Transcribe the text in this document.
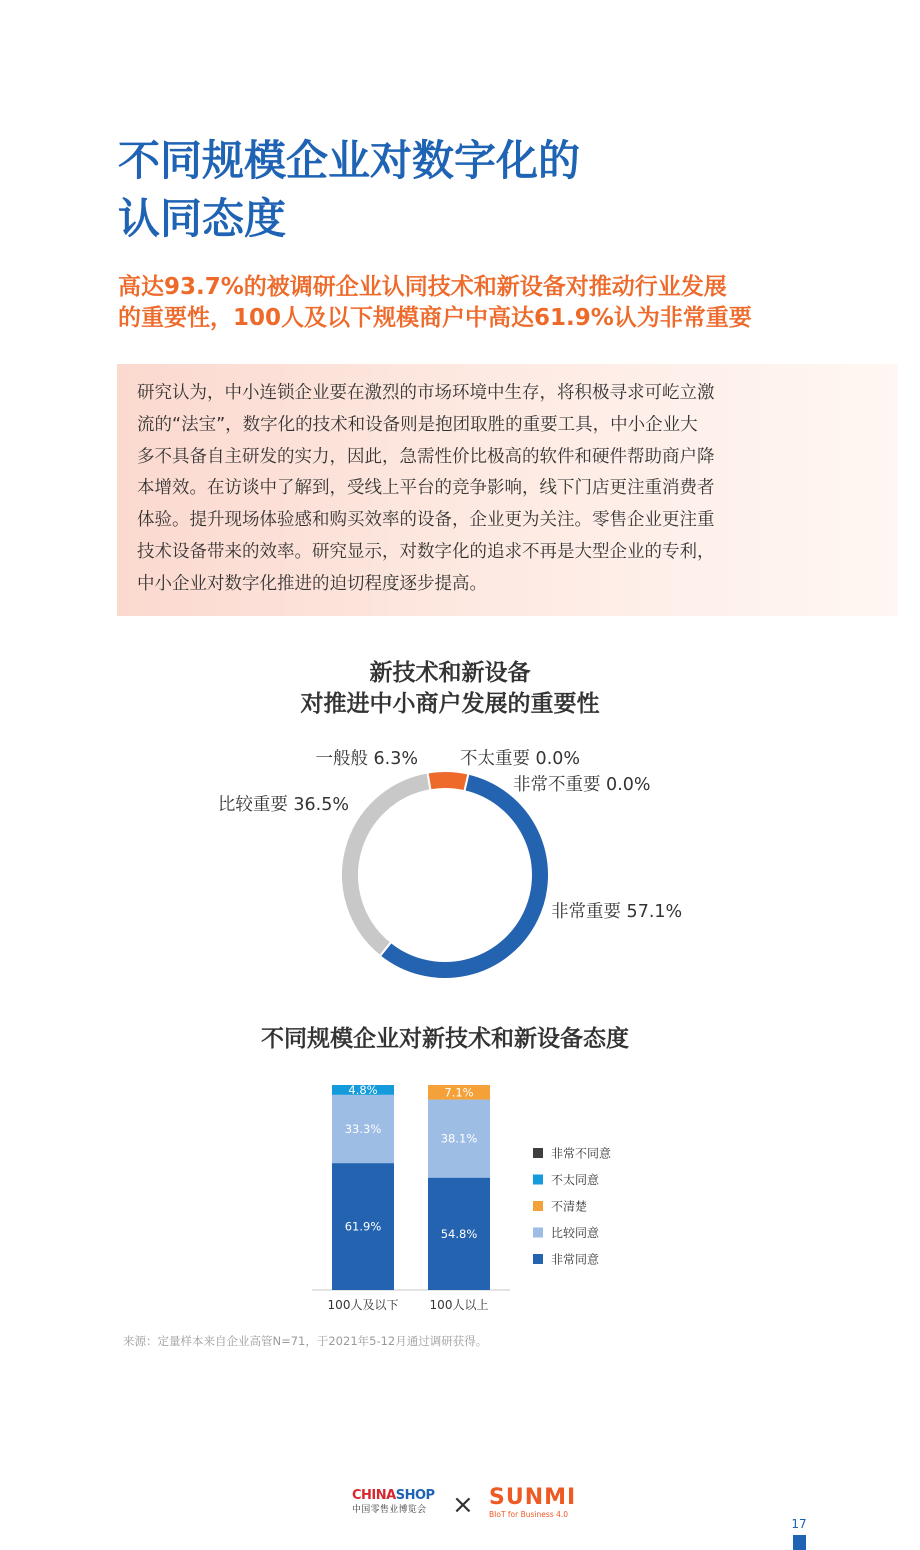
不同规模企业对数字化的
认同态度
高达93.7%的被调研企业认同技术和新设备对推动行业发展
的重要性，100人及以下规模商户中高达61.9%认为非常重要

研究认为，中小连锁企业要在激烈的市场环境中生存，将积极寻求可屹立激
流的“法宝”，数字化的技术和设备则是抱团取胜的重要工具，中小企业大
多不具备自主研发的实力，因此，急需性价比极高的软件和硬件帮助商户降
本增效。在访谈中了解到，受线上平台的竞争影响，线下门店更注重消费者
体验。提升现场体验感和购买效率的设备，企业更为关注。零售企业更注重
技术设备带来的效率。研究显示，对数字化的追求不再是大型企业的专利，
中小企业对数字化推进的迫切程度逐步提高。

新技术和新设备
对推进中小商户发展的重要性
非常重要 57.1%
比较重要 36.5%
一般般 6.3% 不太重要 0.0%
非常不重要 0.0%
不同规模企业对新技术和新设备态度
61.9%
33.3%
4.8%
100人及以下
54.8%
38.1%
7.1%
100人以上
非常不同意
不太同意
不清楚
比较同意
非常同意

来源：定量样本来自企业高管N=71，于2021年5-12月通过调研获得。

CHINASHOP
中国零售业博览会 × SUNMI
BIoT for Business 4.0

17
